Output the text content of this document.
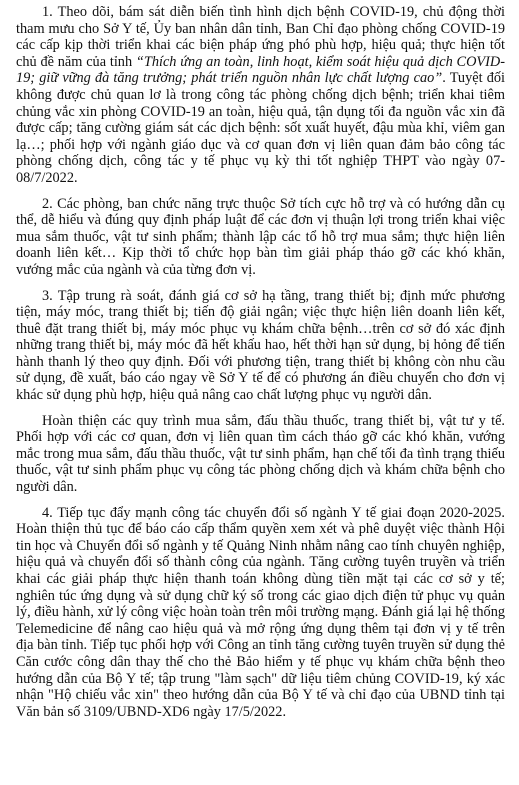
1. Theo dõi, bám sát diễn biến tình hình dịch bệnh COVID-19, chủ động thời tham mưu cho Sở Y tế, Ủy ban nhân dân tỉnh, Ban Chỉ đạo phòng chống COVID-19 các cấp kịp thời triển khai các biện pháp ứng phó phù hợp, hiệu quả; thực hiện tốt chủ đề năm của tỉnh “Thích ứng an toàn, linh hoạt, kiểm soát hiệu quả dịch COVID-19; giữ vững đà tăng trưởng; phát triển nguồn nhân lực chất lượng cao”. Tuyệt đối không được chủ quan lơ là trong công tác phòng chống dịch bệnh; triển khai tiêm chủng vắc xin phòng COVID-19 an toàn, hiệu quả, tận dụng tối đa nguồn vắc xin đã được cấp; tăng cường giám sát các dịch bệnh: sốt xuất huyết, đậu mùa khỉ, viêm gan lạ…; phối hợp với ngành giáo dục và cơ quan đơn vị liên quan đảm bảo công tác phòng chống dịch, công tác y tế phục vụ kỳ thi tốt nghiệp THPT vào ngày 07-08/7/2022.

2. Các phòng, ban chức năng trực thuộc Sở tích cực hỗ trợ và có hướng dẫn cụ thể, dễ hiểu và đúng quy định pháp luật để các đơn vị thuận lợi trong triển khai việc mua sắm thuốc, vật tư sinh phẩm; thành lập các tổ hỗ trợ mua sắm; thực hiện liên doanh liên kết… Kịp thời tổ chức họp bàn tìm giải pháp tháo gỡ các khó khăn, vướng mắc của ngành và của từng đơn vị.

3. Tập trung rà soát, đánh giá cơ sở hạ tầng, trang thiết bị; định mức phương tiện, máy móc, trang thiết bị; tiến độ giải ngân; việc thực hiện liên doanh liên kết, thuê đặt trang thiết bị, máy móc phục vụ khám chữa bệnh…trên cơ sở đó xác định những trang thiết bị, máy móc đã hết khấu hao, hết thời hạn sử dụng, bị hỏng để tiến hành thanh lý theo quy định. Đối với phương tiện, trang thiết bị không còn nhu cầu sử dụng, đề xuất, báo cáo ngay về Sở Y tế để có phương án điều chuyển cho đơn vị khác sử dụng phù hợp, hiệu quả nâng cao chất lượng phục vụ người dân.

Hoàn thiện các quy trình mua sắm, đấu thầu thuốc, trang thiết bị, vật tư y tế. Phối hợp với các cơ quan, đơn vị liên quan tìm cách tháo gỡ các khó khăn, vướng mắc trong mua sắm, đấu thầu thuốc, vật tư sinh phẩm, hạn chế tối đa tình trạng thiếu thuốc, vật tư sinh phẩm phục vụ công tác phòng chống dịch và khám chữa bệnh cho người dân.

4. Tiếp tục đẩy mạnh công tác chuyển đổi số ngành Y tế giai đoạn 2020-2025. Hoàn thiện thủ tục để báo cáo cấp thẩm quyền xem xét và phê duyệt việc thành Hội tin học và Chuyển đổi số ngành y tế Quảng Ninh nhằm nâng cao tính chuyên nghiệp, hiệu quả và chuyển đổi số thành công của ngành. Tăng cường tuyên truyền và triển khai các giải pháp thực hiện thanh toán không dùng tiền mặt tại các cơ sở y tế; nghiên túc ứng dụng và sử dụng chữ ký số trong các giao dịch điện tử phục vụ quản lý, điều hành, xử lý công việc hoàn toàn trên môi trường mạng. Đánh giá lại hệ thống Telemedicine để nâng cao hiệu quả và mở rộng ứng dụng thêm tại đơn vị y tế trên địa bàn tỉnh. Tiếp tục phối hợp với Công an tỉnh tăng cường tuyên truyền sử dụng thẻ Căn cước công dân thay thế cho thẻ Bảo hiểm y tế phục vụ khám chữa bệnh theo hướng dẫn của Bộ Y tế; tập trung "làm sạch" dữ liệu tiêm chủng COVID-19, ký xác nhận "Hộ chiếu vắc xin" theo hướng dẫn của Bộ Y tế và chỉ đạo của UBND tỉnh tại Văn bản số 3109/UBND-XD6 ngày 17/5/2022.
